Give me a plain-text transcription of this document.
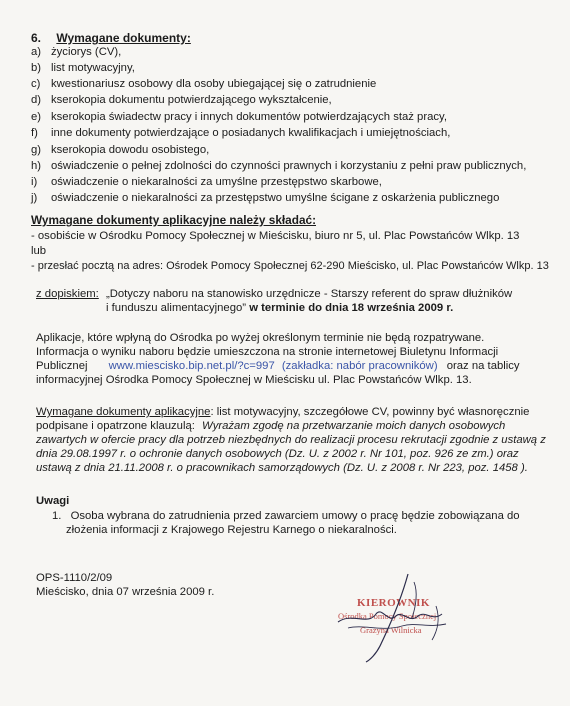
6. Wymagane dokumenty:
a) życiorys (CV),
b) list motywacyjny,
c) kwestionariusz osobowy dla osoby ubiegającej się o zatrudnienie
d) kserokopia dokumentu potwierdzającego wykształcenie,
e) kserokopia świadectw pracy i innych dokumentów potwierdzających staż pracy,
f) inne dokumenty potwierdzające o posiadanych kwalifikacjach i umiejętnościach,
g) kserokopia dowodu osobistego,
h) oświadczenie o pełnej zdolności do czynności prawnych i korzystaniu z pełni praw publicznych,
i) oświadczenie o niekaralności za umyślne przestępstwo skarbowe,
j) oświadczenie o niekaralności za przestępstwo umyślne ścigane z oskarżenia publicznego
Wymagane dokumenty aplikacyjne należy składać:
- osobiście w Ośrodku Pomocy Społecznej w Mieścisku, biuro nr 5, ul. Plac Powstańców Wlkp. 13
lub
- przesłać pocztą na adres: Ośrodek Pomocy Społecznej 62-290 Mieścisko, ul. Plac Powstańców Wlkp. 13
z dopiskiem: „Dotyczy naboru na stanowisko urzędnicze - Starszy referent do spraw dłużników
i funduszu alimentacyjnego” w terminie do dnia 18 września 2009 r.
Aplikacje, które wpłyną do Ośrodka po wyżej określonym terminie nie będą rozpatrywane.
Informacja o wyniku naboru będzie umieszczona na stronie internetowej Biuletynu Informacji
Publicznej www.miescisko.bip.net.pl/?c=997 (zakładka: nabór pracowników) oraz na tablicy
informacyjnej Ośrodka Pomocy Społecznej w Mieścisku ul. Plac Powstańców Wlkp. 13.
Wymagane dokumenty aplikacyjne: list motywacyjny, szczegółowe CV, powinny być własnoręcznie
podpisane i opatrzone klauzulą: Wyrażam zgodę na przetwarzanie moich danych osobowych
zawartych w ofercie pracy dla potrzeb niezbędnych do realizacji procesu rekrutacji zgodnie z ustawą z
dnia 29.08.1997 r. o ochronie danych osobowych (Dz. U. z 2002 r. Nr 101, poz. 926 ze zm.) oraz
ustawą z dnia 21.11.2008 r. o pracownikach samorządowych (Dz. U. z 2008 r. Nr 223, poz. 1458 ).
Uwagi
1. Osoba wybrana do zatrudnienia przed zawarciem umowy o pracę będzie zobowiązana do
złożenia informacji z Krajowego Rejestru Karnego o niekaralności.
OPS-1110/2/09
Mieścisko, dnia 07 września 2009 r.
KIEROWNIK
Ośrodka Pomocy Społecznej
Grażyna Wilnicka
